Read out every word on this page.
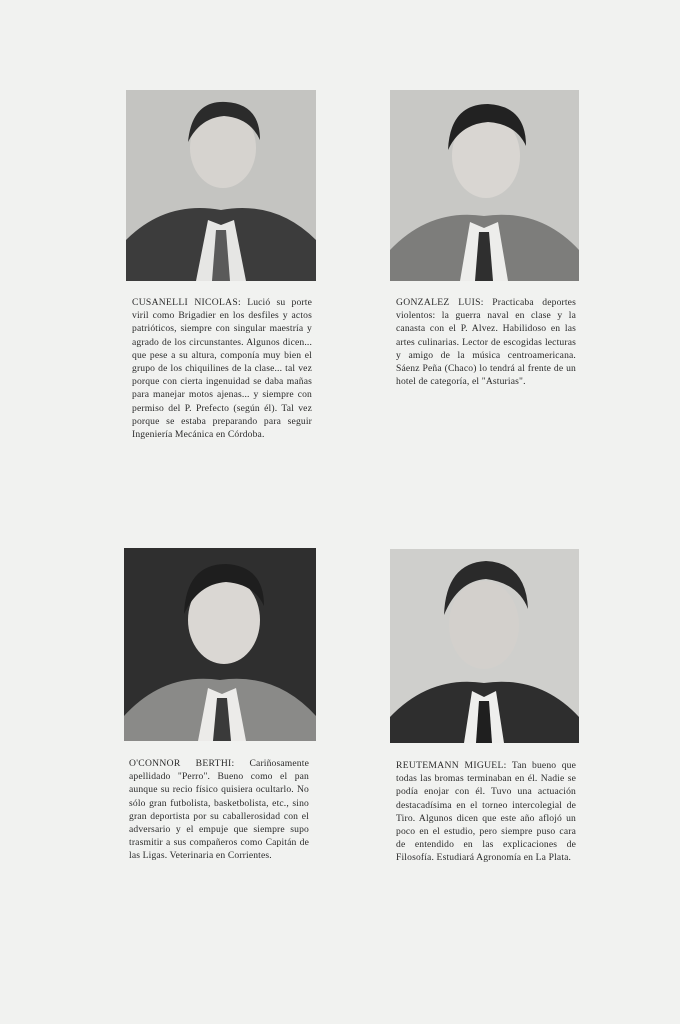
CUSANELLI NICOLAS: Lució su porte viril como Brigadier en los desfiles y actos patrióticos, siempre con singular maestría y agrado de los circunstantes. Algunos dicen... que pese a su altura, componía muy bien el grupo de los chiquilines de la clase... tal vez porque con cierta ingenuidad se daba mañas para manejar motos ajenas... y siempre con permiso del P. Prefecto (según él). Tal vez porque se estaba preparando para seguir Ingeniería Mecánica en Córdoba.
GONZALEZ LUIS: Practicaba deportes violentos: la guerra naval en clase y la canasta con el P. Alvez. Habilidoso en las artes culinarias. Lector de escogidas lecturas y amigo de la música centroamericana. Sáenz Peña (Chaco) lo tendrá al frente de un hotel de categoría, el "Asturias".
O'CONNOR BERTHI: Cariñosamente apellidado "Perro". Bueno como el pan aunque su recio físico quisiera ocultarlo. No sólo gran futbolista, basketbolista, etc., sino gran deportista por su caballerosidad con el adversario y el empuje que siempre supo trasmitir a sus compañeros como Capitán de las Ligas. Veterinaria en Corrientes.
REUTEMANN MIGUEL: Tan bueno que todas las bromas terminaban en él. Nadie se podía enojar con él. Tuvo una actuación destacadísima en el torneo intercolegial de Tiro. Algunos dicen que este año aflojó un poco en el estudio, pero siempre puso cara de entendido en las explicaciones de Filosofía. Estudiará Agronomía en La Plata.
